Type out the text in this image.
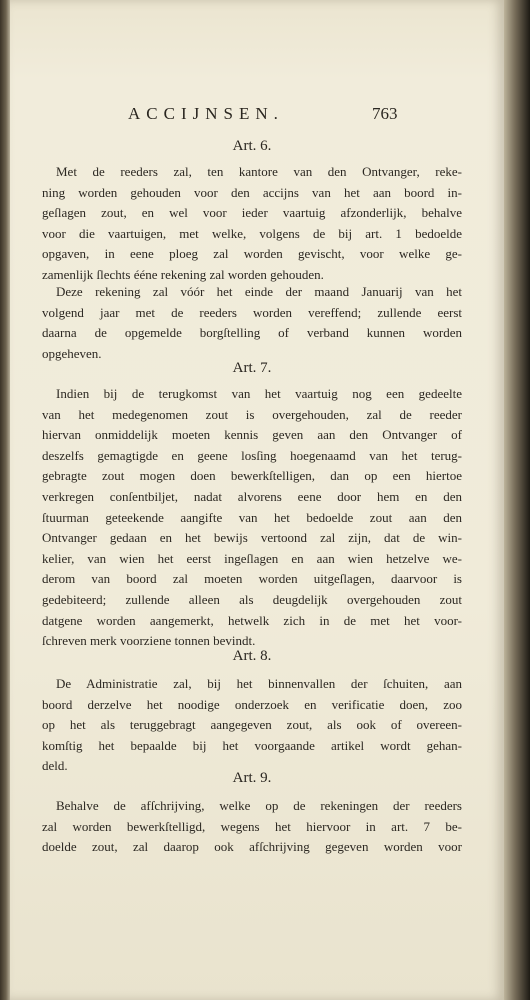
ACCIJNSEN.	763
Art. 6.
Met de reeders zal, ten kantore van den Ontvanger, reke-
ning worden gehouden voor den accijns van het aan boord in-
geſlagen zout, en wel voor ieder vaartuig afzonderlijk, behalve
voor die vaartuigen, met welke, volgens de bij art. 1 bedoelde
opgaven, in eene ploeg zal worden gevischt, voor welke ge-
zamenlijk ſlechts ééne rekening zal worden gehouden.
Deze rekening zal vóór het einde der maand Januarij van het
volgend jaar met de reeders worden vereffend; zullende eerst
daarna de opgemelde borgſtelling of verband kunnen worden
opgeheven.
Art. 7.
Indien bij de terugkomst van het vaartuig nog een gedeelte
van het medegenomen zout is overgehouden, zal de reeder
hiervan onmiddelijk moeten kennis geven aan den Ontvanger of
deszelfs gemagtigde en geene losſing hoegenaamd van het terug-
gebragte zout mogen doen bewerkſtelligen, dan op een hiertoe
verkregen conſentbiljet, nadat alvorens eene door hem en den
ſtuurman geteekende aangifte van het bedoelde zout aan den
Ontvanger gedaan en het bewijs vertoond zal zijn, dat de win-
kelier, van wien het eerst ingeſlagen en aan wien hetzelve we-
derom van boord zal moeten worden uitgeſlagen, daarvoor is
gedebiteerd; zullende alleen als deugdelijk overgehouden zout
datgene worden aangemerkt, hetwelk zich in de met het voor-
ſchreven merk voorziene tonnen bevindt.
Art. 8.
De Administratie zal, bij het binnenvallen der ſchuiten, aan
boord derzelve het noodige onderzoek en verificatie doen, zoo
op het als teruggebragt aangegeven zout, als ook of overeen-
komſtig het bepaalde bij het voorgaande artikel wordt gehan-
deld.
Art. 9.
Behalve de afſchrijving, welke op de rekeningen der reeders
zal worden bewerkſtelligd, wegens het hiervoor in art. 7 be-
doelde zout, zal daarop ook afſchrijving gegeven worden voor
